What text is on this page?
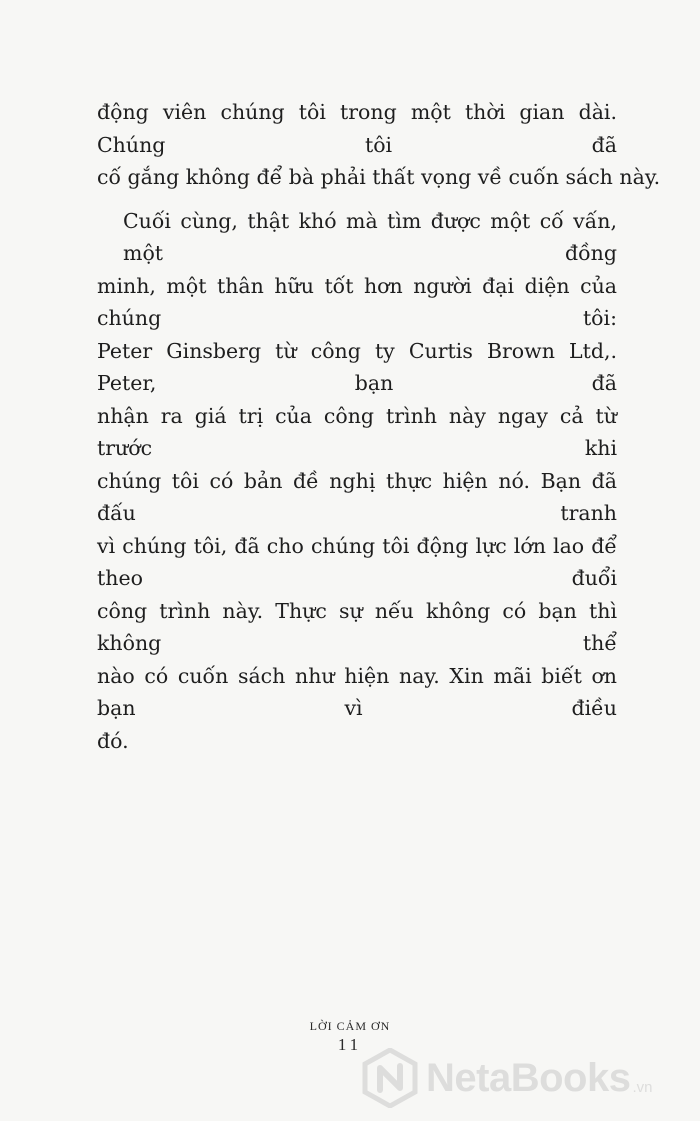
động viên chúng tôi trong một thời gian dài. Chúng tôi đã
cố gắng không để bà phải thất vọng về cuốn sách này.
Cuối cùng, thật khó mà tìm được một cố vấn, một đồng
minh, một thân hữu tốt hơn người đại diện của chúng tôi:
Peter Ginsberg từ công ty Curtis Brown Ltd,. Peter, bạn đã
nhận ra giá trị của công trình này ngay cả từ trước khi
chúng tôi có bản đề nghị thực hiện nó. Bạn đã đấu tranh
vì chúng tôi, đã cho chúng tôi động lực lớn lao để theo đuổi
công trình này. Thực sự nếu không có bạn thì không thể
nào có cuốn sách như hiện nay. Xin mãi biết ơn bạn vì điều
đó.
LỜI CẢM ƠN
11
NetaBooks .vn
